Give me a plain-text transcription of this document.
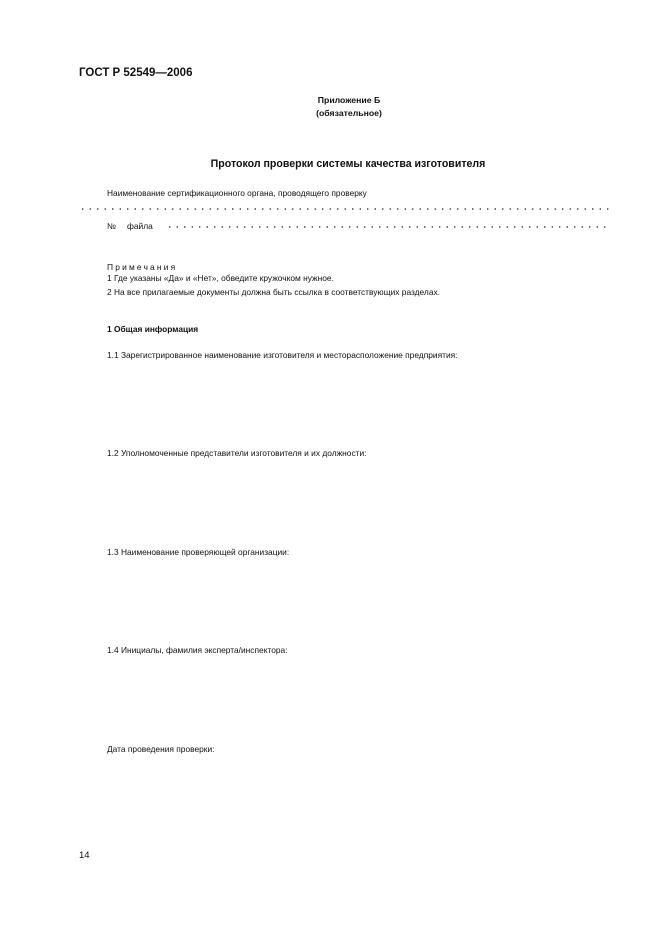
ГОСТ Р 52549—2006
Приложение Б
(обязательное)
Протокол проверки системы качества изготовителя
Наименование сертификационного органа, проводящего проверку
№ файла
Примечания
1 Где указаны «Да» и «Нет», обведите кружочком нужное.
2 На все прилагаемые документы должна быть ссылка в соответствующих разделах.
1 Общая информация
1.1 Зарегистрированное наименование изготовителя и месторасположение предприятия:
1.2 Уполномоченные представители изготовителя и их должности:
1.3 Наименование проверяющей организации:
1.4 Инициалы, фамилия эксперта/инспектора:
Дата проведения проверки:
14
